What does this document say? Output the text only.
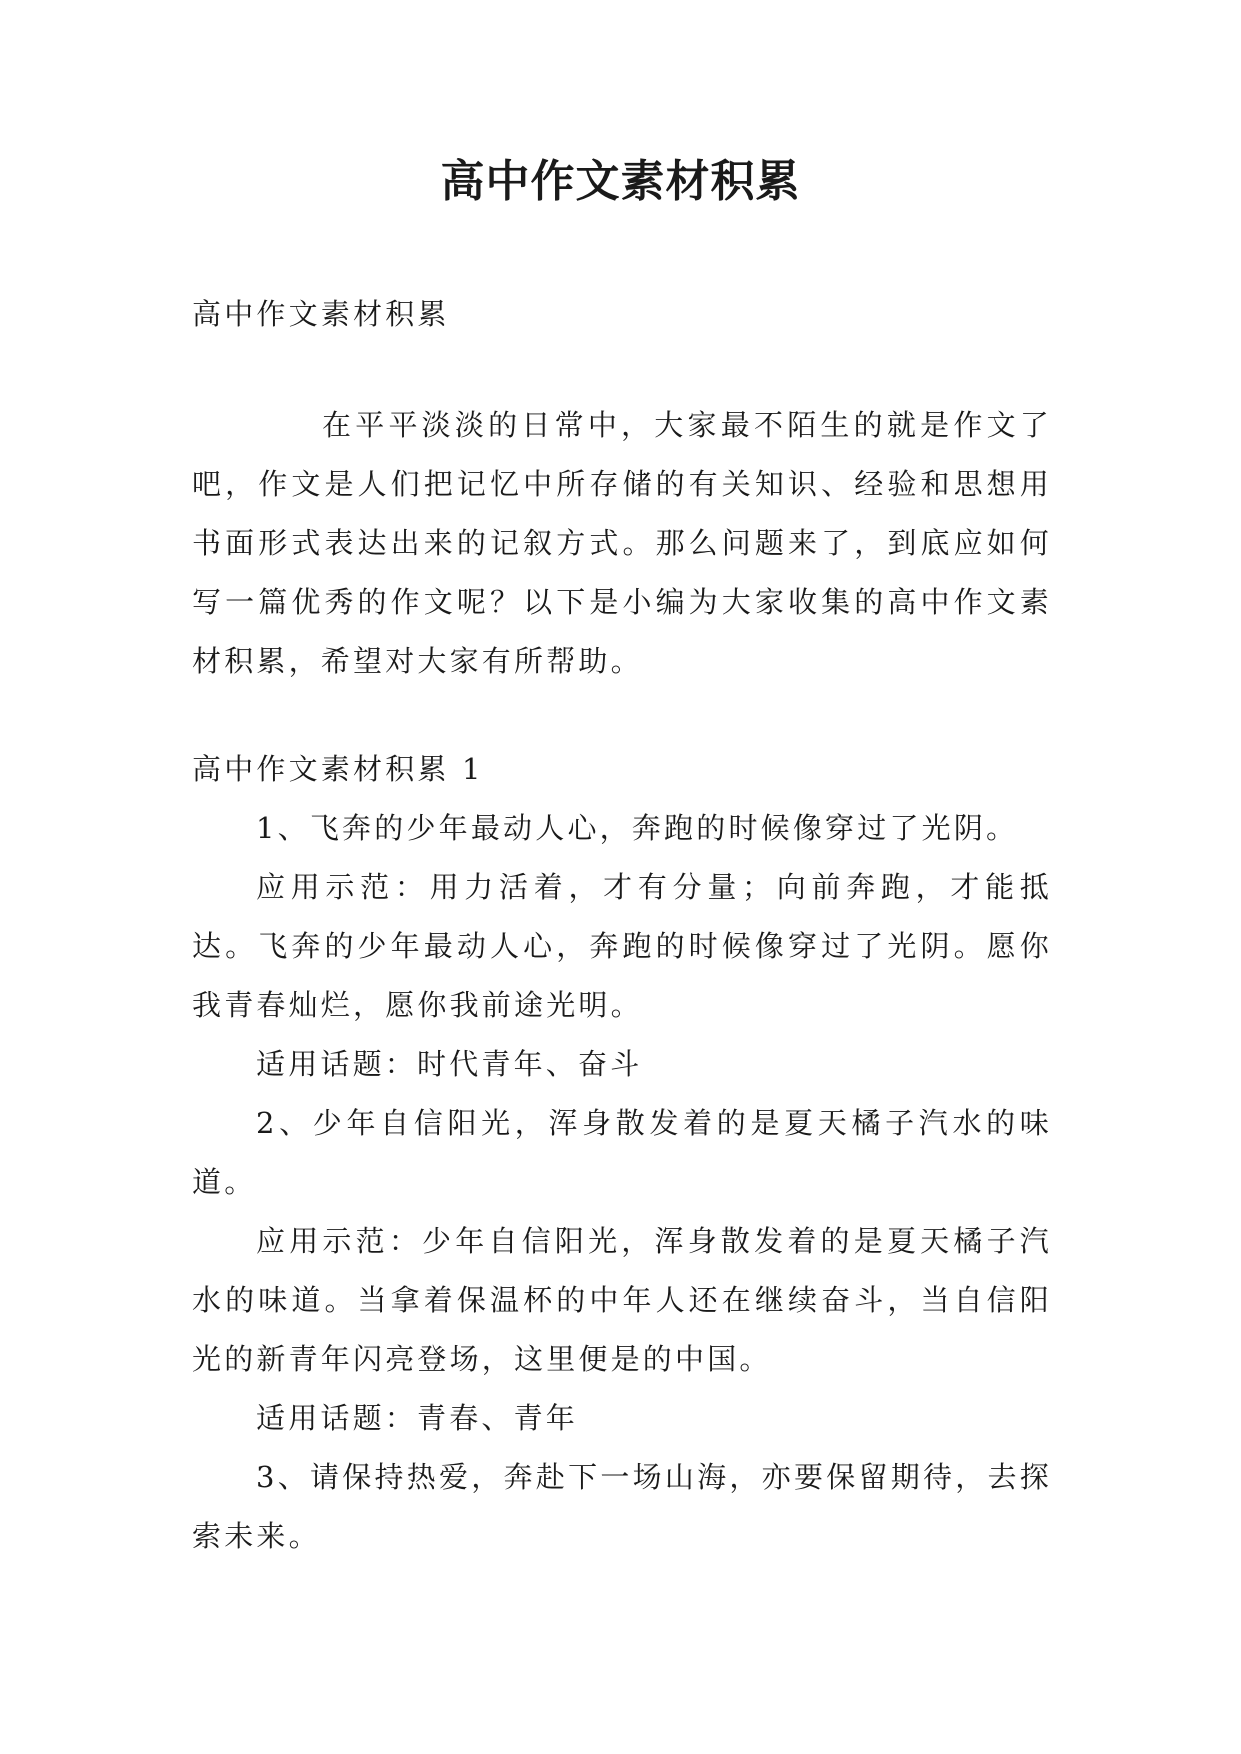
高中作文素材积累

高中作文素材积累

在平平淡淡的日常中，大家最不陌生的就是作文了吧，作文是人们把记忆中所存储的有关知识、经验和思想用书面形式表达出来的记叙方式。那么问题来了，到底应如何写一篇优秀的作文呢？以下是小编为大家收集的高中作文素材积累，希望对大家有所帮助。

高中作文素材积累 1

1、飞奔的少年最动人心，奔跑的时候像穿过了光阴。

应用示范：用力活着，才有分量；向前奔跑，才能抵达。飞奔的少年最动人心，奔跑的时候像穿过了光阴。愿你我青春灿烂，愿你我前途光明。

适用话题：时代青年、奋斗

2、少年自信阳光，浑身散发着的是夏天橘子汽水的味道。

应用示范：少年自信阳光，浑身散发着的是夏天橘子汽水的味道。当拿着保温杯的中年人还在继续奋斗，当自信阳光的新青年闪亮登场，这里便是的中国。

适用话题：青春、青年

3、请保持热爱，奔赴下一场山海，亦要保留期待，去探索未来。
